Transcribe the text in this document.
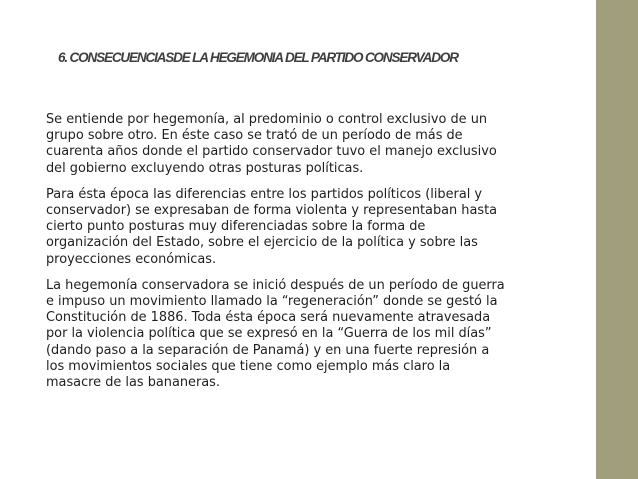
6. CONSECUENCIASDE LA HEGEMONIA DEL PARTIDO CONSERVADOR

Se entiende por hegemonía, al predominio o control exclusivo de un
grupo sobre otro. En éste caso se trató de un período de más de
cuarenta años donde el partido conservador tuvo el manejo exclusivo
del gobierno excluyendo otras posturas políticas.

Para ésta época las diferencias entre los partidos políticos (liberal y
conservador) se expresaban de forma violenta y representaban hasta
cierto punto posturas muy diferenciadas sobre la forma de
organización del Estado, sobre el ejercicio de la política y sobre las
proyecciones económicas.

La hegemonía conservadora se inició después de un período de guerra
e impuso un movimiento llamado la “regeneración” donde se gestó la
Constitución de 1886. Toda ésta época será nuevamente atravesada
por la violencia política que se expresó en la “Guerra de los mil días”
(dando paso a la separación de Panamá) y en una fuerte represión a
los movimientos sociales que tiene como ejemplo más claro la
masacre de las bananeras.
